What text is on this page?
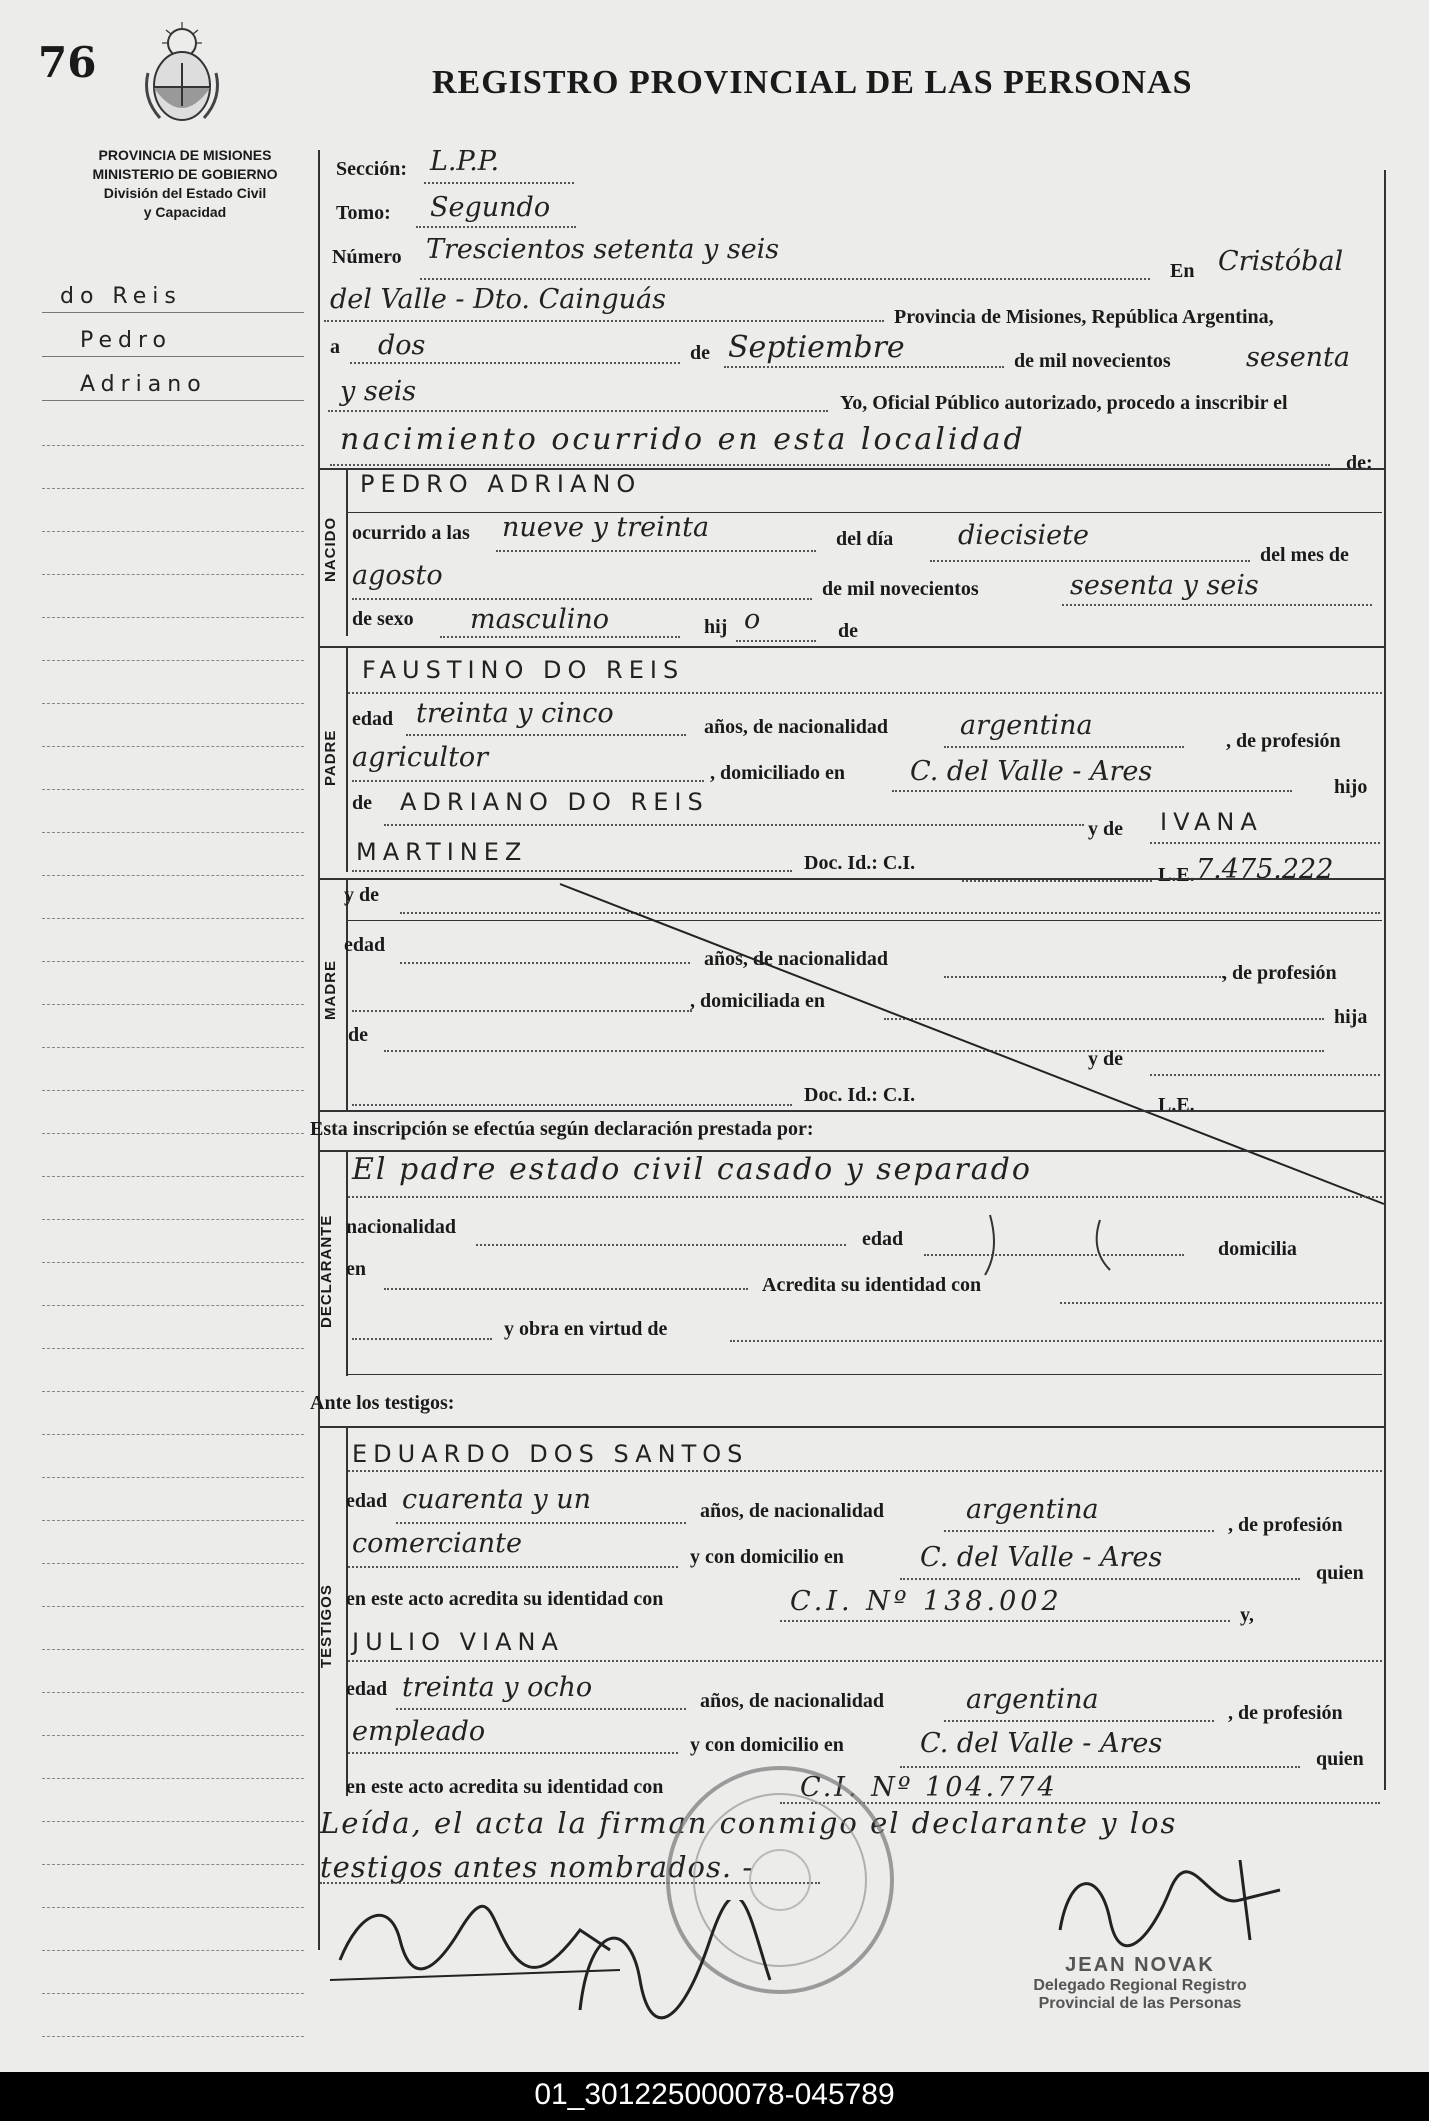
76	REGISTRO PROVINCIAL DE LAS PERSONAS
PROVINCIA DE MISIONES
MINISTERIO DE GOBIERNO
División del Estado Civil
y Capacidad
do Reis
Pedro
Adriano
Sección: L.P.P.
Tomo: Segundo
Número Trescientos setenta y seis
En Cristóbal
del Valle - Dto. Cainguás
Provincia de Misiones, República Argentina,
a dos	de Septiembre	de mil novecientos	sesenta
y seis	Yo, Oficial Público autorizado, procedo a inscribir el
nacimiento ocurrido en esta localidad
de:
NACIDO
PEDRO ADRIANO
ocurrido a las nueve y treinta	del día diecisiete
del mes de
agosto	de mil novecientos	sesenta y seis
de sexo masculino	hij o	de
PADRE
FAUSTINO DO REIS
edad treinta y cinco	años, de nacionalidad	argentina	, de profesión
agricultor	, domiciliado en C. del Valle - Ares	hijo
de ADRIANO DO REIS
y de IVANA
MARTINEZ	Doc. Id.: C.I.
L.E. 7.475.222
MADRE
y de
edad
años, de nacionalidad
, de profesión
, domiciliada en
hija
de
y de
Doc. Id.: C.I.	L.E.
Esta inscripción se efectúa según declaración prestada por:
DECLARANTE
El padre estado civil casado y separado
nacionalidad
edad	domicilia
en
Acredita su identidad con
y obra en virtud de
Ante los testigos:
TESTIGOS
EDUARDO DOS SANTOS
edad cuarenta y un	años, de nacionalidad	argentina	, de profesión
comerciante	y con domicilio en	C. del Valle - Ares	quien
en este acto acredita su identidad con	C.I. Nº 138.002	y,
JULIO VIANA
edad treinta y ocho	años, de nacionalidad	argentina	, de profesión
empleado	y con domicilio en	C. del Valle - Ares	quien
en este acto acredita su identidad con	C.I. Nº 104.774
Leída, el acta la firman conmigo el declarante y los
testigos antes nombrados. -
JEAN NOVAK
Delegado Regional Registro
Provincial de las Personas
01_301225000078-045789
